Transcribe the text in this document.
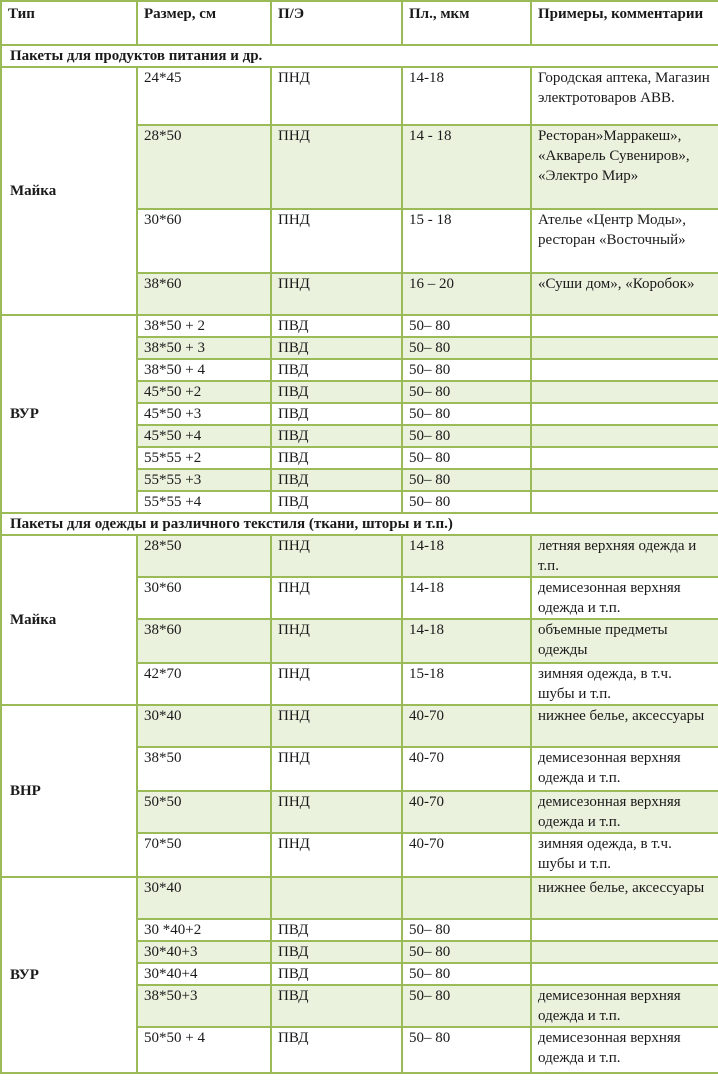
Тип	Размер, см	П/Э	Пл., мкм	Примеры, комментарии
Пакеты для продуктов питания и др.				
Майка	24*45	ПНД	14-18	Городская аптека, Магазин электротоваров АВВ.
	28*50	ПНД	14 - 18	Ресторан»Марракеш», «Акварель Сувениров», «Электро Мир»
	30*60	ПНД	15 - 18	Ателье «Центр Моды», ресторан «Восточный»
	38*60	ПНД	16 – 20	«Суши дом», «Коробок»
ВУР	38*50 + 2	ПВД	50– 80	
	38*50 + 3	ПВД	50– 80	
	38*50 + 4	ПВД	50– 80	
	45*50 +2	ПВД	50– 80	
	45*50 +3	ПВД	50– 80	
	45*50 +4	ПВД	50– 80	
	55*55 +2	ПВД	50– 80	
	55*55 +3	ПВД	50– 80	
	55*55 +4	ПВД	50– 80	
Пакеты для одежды и различного текстиля (ткани, шторы и т.п.)				
Майка	28*50	ПНД	14-18	летняя верхняя одежда и т.п.
	30*60	ПНД	14-18	демисезонная верхняя одежда и т.п.
	38*60	ПНД	14-18	объемные предметы одежды
	42*70	ПНД	15-18	зимняя одежда, в т.ч. шубы и т.п.
ВНР	30*40	ПНД	40-70	нижнее белье, аксессуары
	38*50	ПНД	40-70	демисезонная верхняя одежда и т.п.
	50*50	ПНД	40-70	демисезонная верхняя одежда и т.п.
	70*50	ПНД	40-70	зимняя одежда, в т.ч. шубы и т.п.
ВУР	30*40			нижнее белье, аксессуары
	30 *40+2	ПВД	50– 80	
	30*40+3	ПВД	50– 80	
	30*40+4	ПВД	50– 80	
	38*50+3	ПВД	50– 80	демисезонная верхняя одежда и т.п.
	50*50 + 4	ПВД	50– 80	демисезонная верхняя одежда и т.п.
